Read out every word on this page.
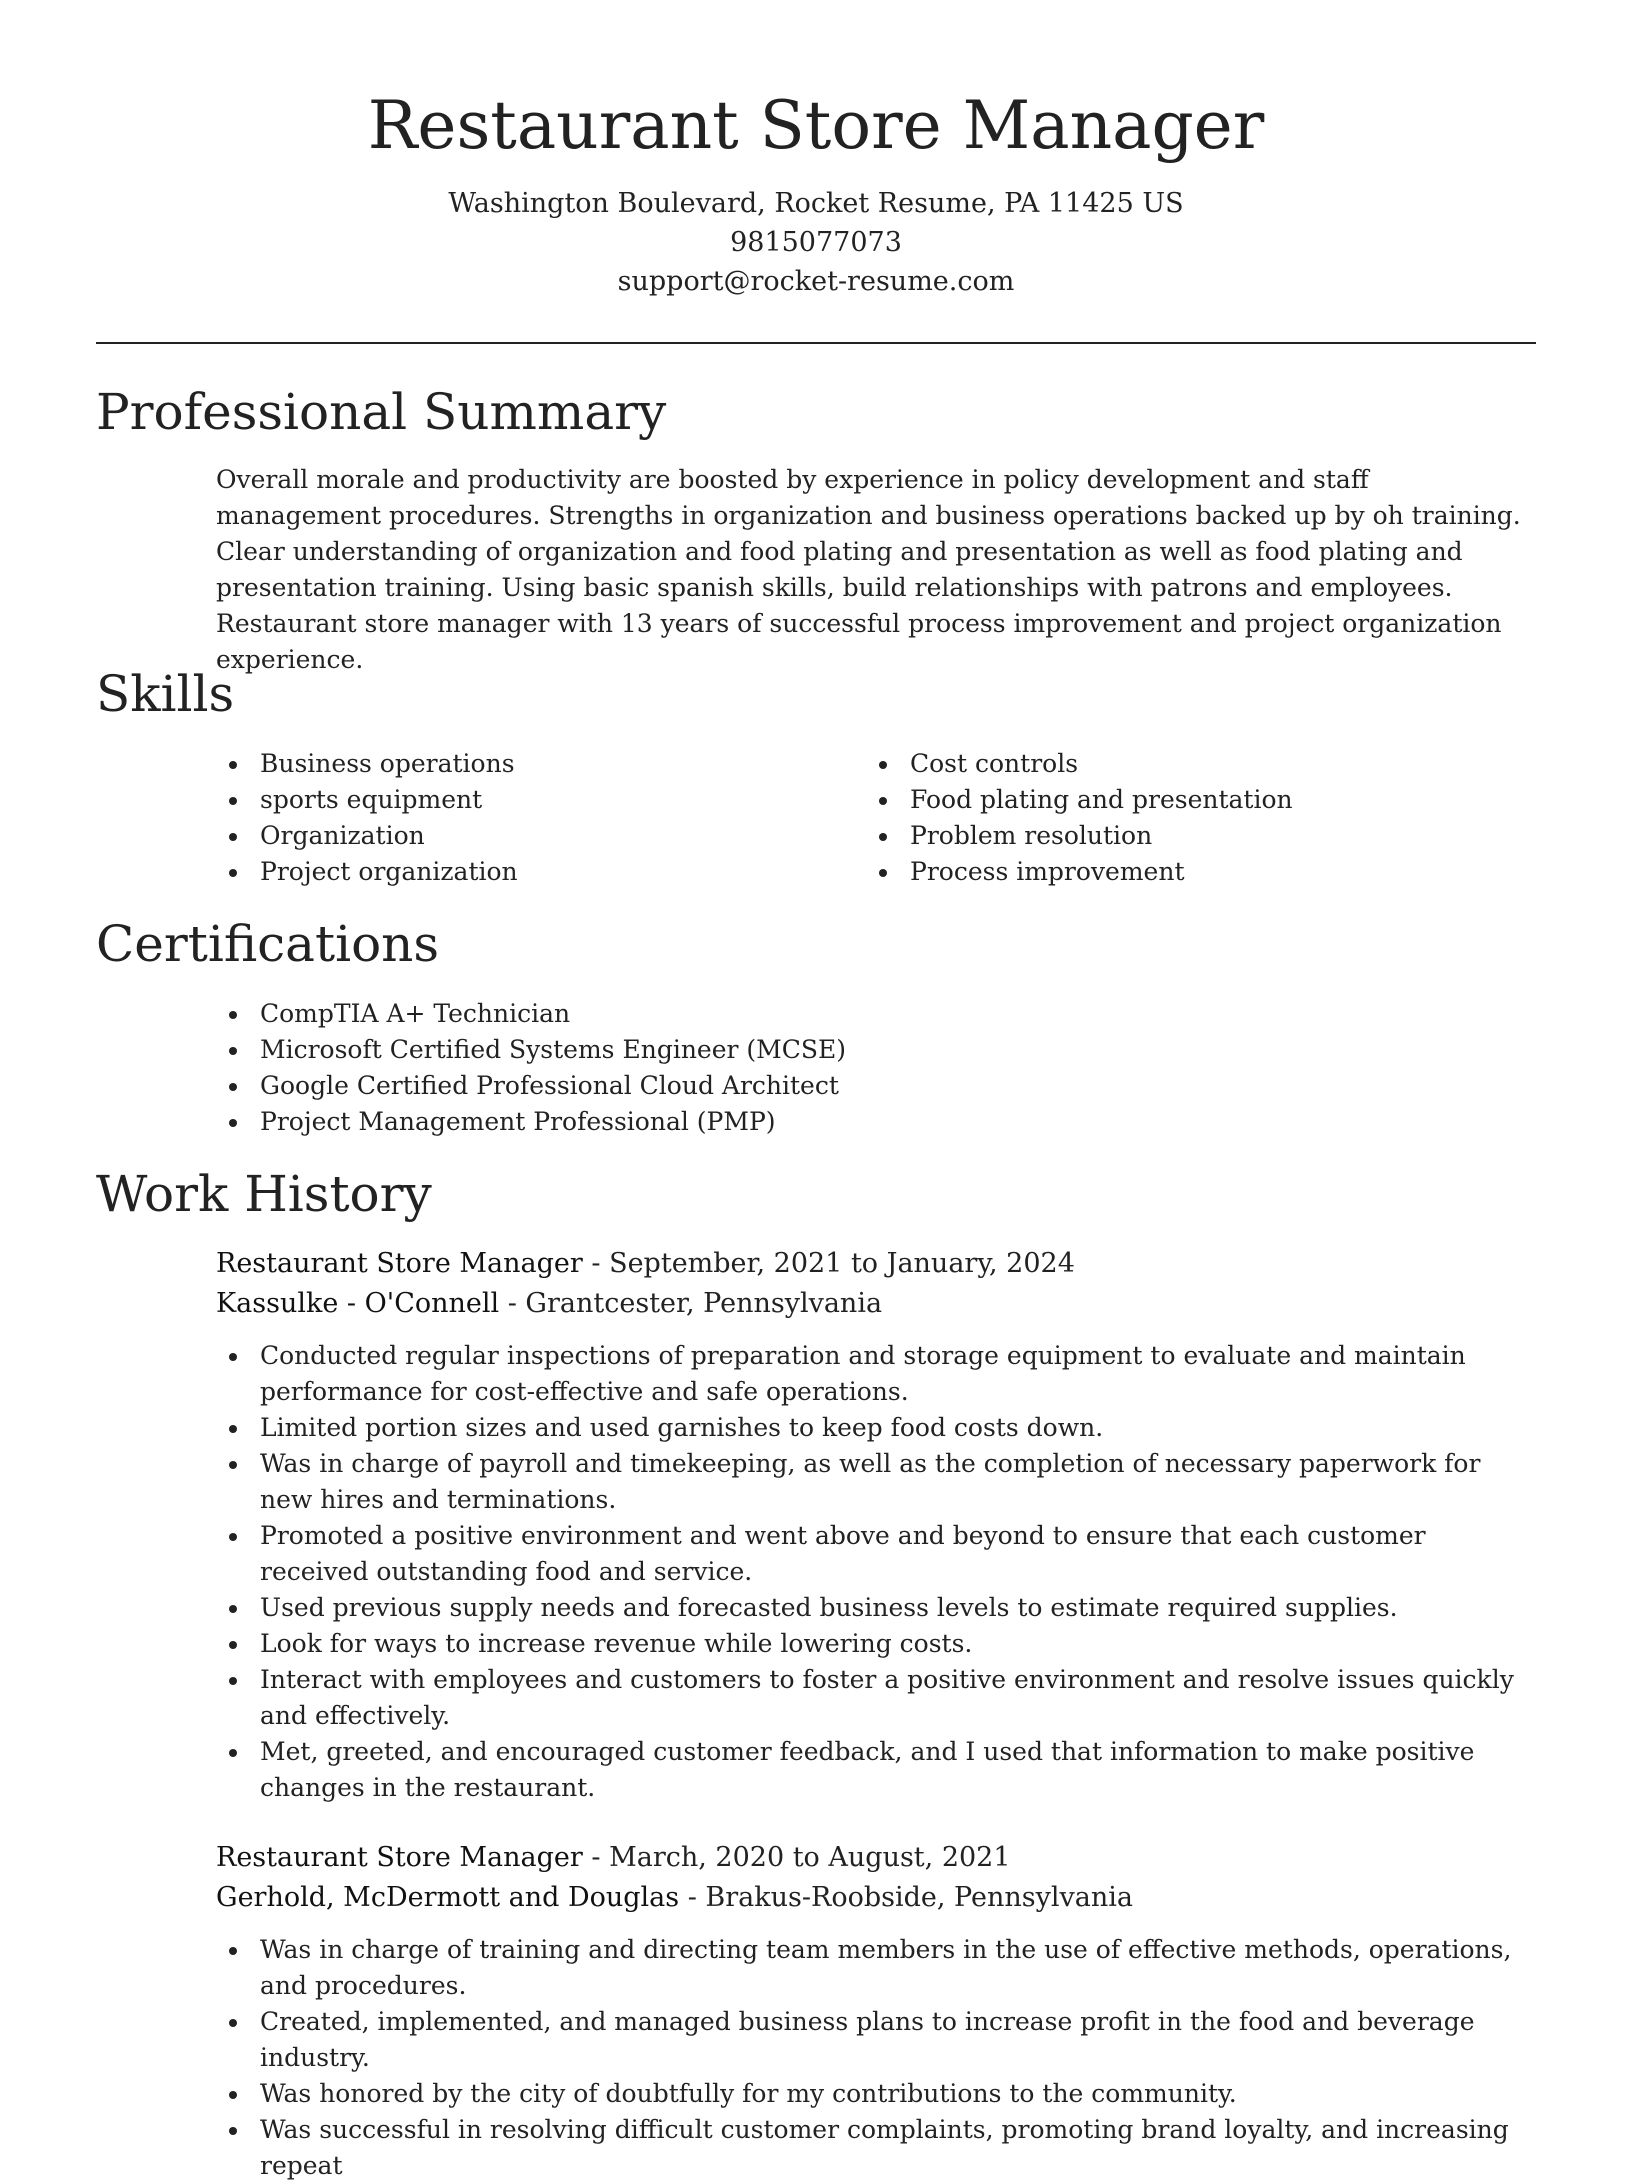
Restaurant Store Manager

Washington Boulevard, Rocket Resume, PA 11425 US

9815077073

support@rocket-resume.com

Professional Summary

Overall morale and productivity are boosted by experience in policy development and staff management procedures. Strengths in organization and business operations backed up by oh training. Clear understanding of organization and food plating and presentation as well as food plating and presentation training. Using basic spanish skills, build relationships with patrons and employees. Restaurant store manager with 13 years of successful process improvement and project organization experience.

Skills
Business operations
sports equipment
Organization
Project organization
Cost controls
Food plating and presentation
Problem resolution
Process improvement
Certifications
CompTIA A+ Technician
Microsoft Certified Systems Engineer (MCSE)
Google Certified Professional Cloud Architect
Project Management Professional (PMP)
Work History

Restaurant Store Manager - September, 2021 to January, 2024

Kassulke - O'Connell - Grantcester, Pennsylvania

Conducted regular inspections of preparation and storage equipment to evaluate and maintain performance for cost-effective and safe operations.
Limited portion sizes and used garnishes to keep food costs down.
Was in charge of payroll and timekeeping, as well as the completion of necessary paperwork for new hires and terminations.
Promoted a positive environment and went above and beyond to ensure that each customer received outstanding food and service.
Used previous supply needs and forecasted business levels to estimate required supplies.
Look for ways to increase revenue while lowering costs.
Interact with employees and customers to foster a positive environment and resolve issues quickly and effectively.
Met, greeted, and encouraged customer feedback, and I used that information to make positive changes in the restaurant.

Restaurant Store Manager - March, 2020 to August, 2021

Gerhold, McDermott and Douglas - Brakus-Roobside, Pennsylvania

Was in charge of training and directing team members in the use of effective methods, operations, and procedures.
Created, implemented, and managed business plans to increase profit in the food and beverage industry.
Was honored by the city of doubtfully for my contributions to the community.
Was successful in resolving difficult customer complaints, promoting brand loyalty, and increasing repeat
